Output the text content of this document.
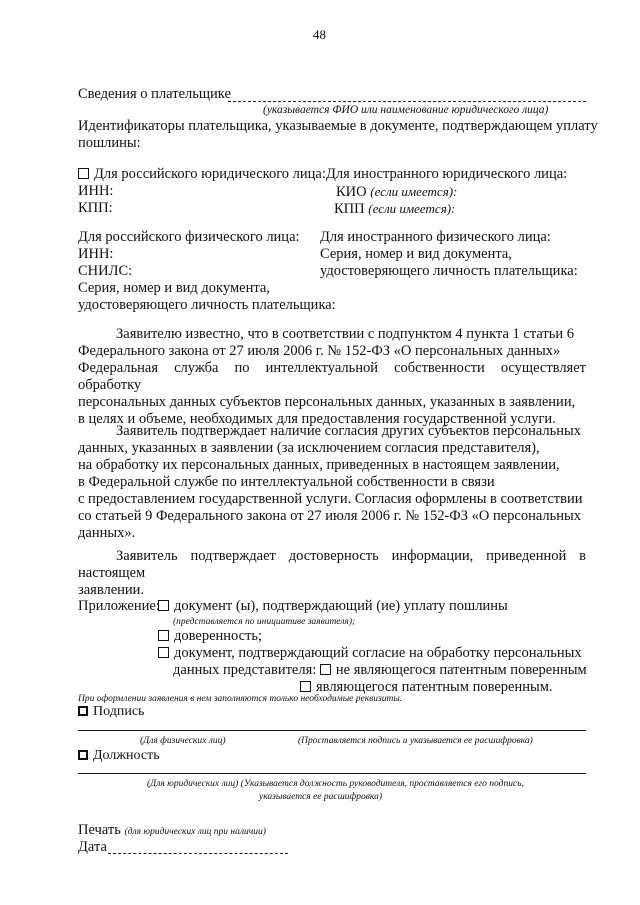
48
Сведения о плательщике
(указывается ФИО или наименование юридического лица)
Идентификаторы плательщика, указываемые в документе, подтверждающем уплату
пошлины:
Для российского юридического лица:
ИНН:
КПП:
Для иностранного юридического лица:
КИО (если имеется):
КПП (если имеется):
Для российского физического лица:
ИНН:
СНИЛС:
Серия, номер и вид документа,
удостоверяющего личность плательщика:
Для иностранного физического лица:
Серия, номер и вид документа,
удостоверяющего личность плательщика:
Заявителю известно, что в соответствии с подпунктом 4 пункта 1 статьи 6
Федерального закона от 27 июля 2006 г. № 152-ФЗ «О персональных данных»
Федеральная служба по интеллектуальной собственности осуществляет обработку
персональных данных субъектов персональных данных, указанных в заявлении,
в целях и объеме, необходимых для предоставления государственной услуги.
Заявитель подтверждает наличие согласия других субъектов персональных
данных, указанных в заявлении (за исключением согласия представителя),
на обработку их персональных данных, приведенных в настоящем заявлении,
в Федеральной службе по интеллектуальной собственности в связи
с предоставлением государственной услуги. Согласия оформлены в соответствии
со статьей 9 Федерального закона от 27 июля 2006 г. № 152-ФЗ «О персональных
данных».
Заявитель подтверждает достоверность информации, приведенной в настоящем
заявлении.
Приложение: документ (ы), подтверждающий (ие) уплату пошлины
(представляется по инициативе заявителя);
доверенность;
документ, подтверждающий согласие на обработку персональных
данных представителя: не являющегося патентным поверенным
являющегося патентным поверенным.
При оформлении заявления в нем заполняются только необходимые реквизиты.
Подпись
(Для физических лиц)	(Проставляется подпись и указывается ее расшифровка)
Должность
(Для юридических лиц) (Указывается должность руководителя, проставляется его подпись,
указывается ее расшифровка)
Печать (для юридических лиц при наличии)
Дата
